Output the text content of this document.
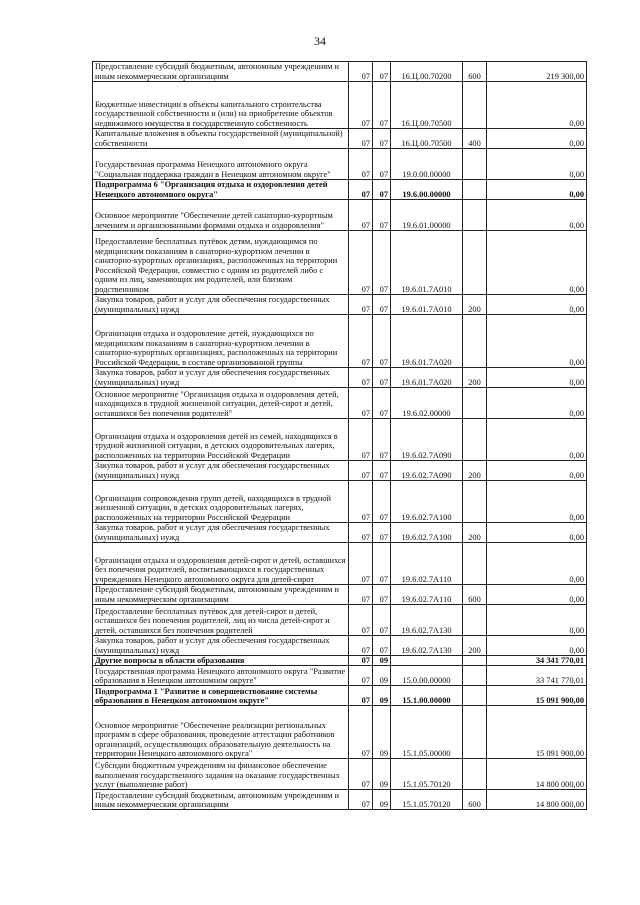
34
Предоставление субсидий бюджетным, автономным учреждениям и иным некоммерческим организациям	07	07	16.Ц.00.70200	600	219 300,00
Бюджетные инвестиции в объекты капитального строительства государственной собственности и (или) на приобретение объектов недвижимого имущества в государственную собственность	07	07	16.Ц.00.70500		0,00
Капитальные вложения в объекты государственной (муниципальной) собственности	07	07	16.Ц.00.70500	400	0,00
Государственная программа Ненецкого автономного округа "Социальная поддержка граждан в Ненецком автономном округе"	07	07	19.0.00.00000		0,00
Подпрограмма 6 "Организация отдыха и оздоровления детей Ненецкого автономного округа"	07	07	19.6.00.00000		0,00
Основное мероприятие "Обеспечение детей санаторно-курортным лечением и организованными формами отдыха и оздоровления"	07	07	19.6.01.00000		0,00
Предоставление бесплатных путёвок детям, нуждающимся по медицинским показаниям в санаторно-курортном лечении в санаторно-курортных организациях, расположенных на территории Российской Федерации, совместно с одним из родителей либо с одним из лиц, заменяющих им родителей, или близким родственником	07	07	19.6.01.7А010		0,00
Закупка товаров, работ и услуг для обеспечения государственных (муниципальных) нужд	07	07	19.6.01.7А010	200	0,00
Организация отдыха и оздоровление детей, нуждающихся по медицинским показаниям в санаторно-курортном лечении в санаторно-курортных организациях, расположенных на территории Российской Федерации, в составе организованной группы	07	07	19.6.01.7А020		0,00
Закупка товаров, работ и услуг для обеспечения государственных (муниципальных) нужд	07	07	19.6.01.7А020	200	0,00
Основное мероприятие "Организация отдыха и оздоровления детей, находящихся в трудной жизненной ситуации, детей-сирот и детей, оставшихся без попечения родителей"	07	07	19.6.02.00000		0,00
Организация отдыха и оздоровления детей из семей, находящихся в трудной жизненной ситуации, в детских оздоровительных лагерях, расположенных на территории Российской Федерации	07	07	19.6.02.7А090		0,00
Закупка товаров, работ и услуг для обеспечения государственных (муниципальных) нужд	07	07	19.6.02.7А090	200	0,00
Организация сопровождения групп детей, находящихся в трудной жизненной ситуации, в детских оздоровительных лагерях, расположенных на территории Российской Федерации	07	07	19.6.02.7А100		0,00
Закупка товаров, работ и услуг для обеспечения государственных (муниципальных) нужд	07	07	19.6.02.7А100	200	0,00
Организация отдыха и оздоровления детей-сирот и детей, оставшихся без попечения родителей, воспитывающихся в государственных учреждениях Ненецкого автономного округа для детей-сирот	07	07	19.6.02.7А110		0,00
Предоставление субсидий бюджетным, автономным учреждениям и иным некоммерческим организациям	07	07	19.6.02.7А110	600	0,00
Предоставление бесплатных путёвок для детей-сирот и детей, оставшихся без попечения родителей, лиц из числа детей-сирот и детей, оставшихся без попечения родителей	07	07	19.6.02.7А130		0,00
Закупка товаров, работ и услуг для обеспечения государственных (муниципальных) нужд	07	07	19.6.02.7А130	200	0,00
Другие вопросы в области образования	07	09			34 341 770,01
Государственная программа Ненецкого автономного округа "Развитие образования в Ненецком автономном округе"	07	09	15.0.00.00000		33 741 770,01
Подпрограмма 1 "Развитие и совершенствование системы образования в Ненецком автономном округе"	07	09	15.1.00.00000		15 091 900,00
Основное мероприятие "Обеспечение реализации региональных программ в сфере образования, проведение аттестации работников организаций, осуществляющих образовательную деятельность на территории Ненецкого автономного округа"	07	09	15.1.05.00000		15 091 900,00
Субсидии бюджетным учреждениям на финансовое обеспечение выполнения государственного задания на оказание государственных услуг (выполнение работ)	07	09	15.1.05.70120		14 800 000,00
Предоставление субсидий бюджетным, автономным учреждениям и иным некоммерческим организациям	07	09	15.1.05.70120	600	14 800 000,00
